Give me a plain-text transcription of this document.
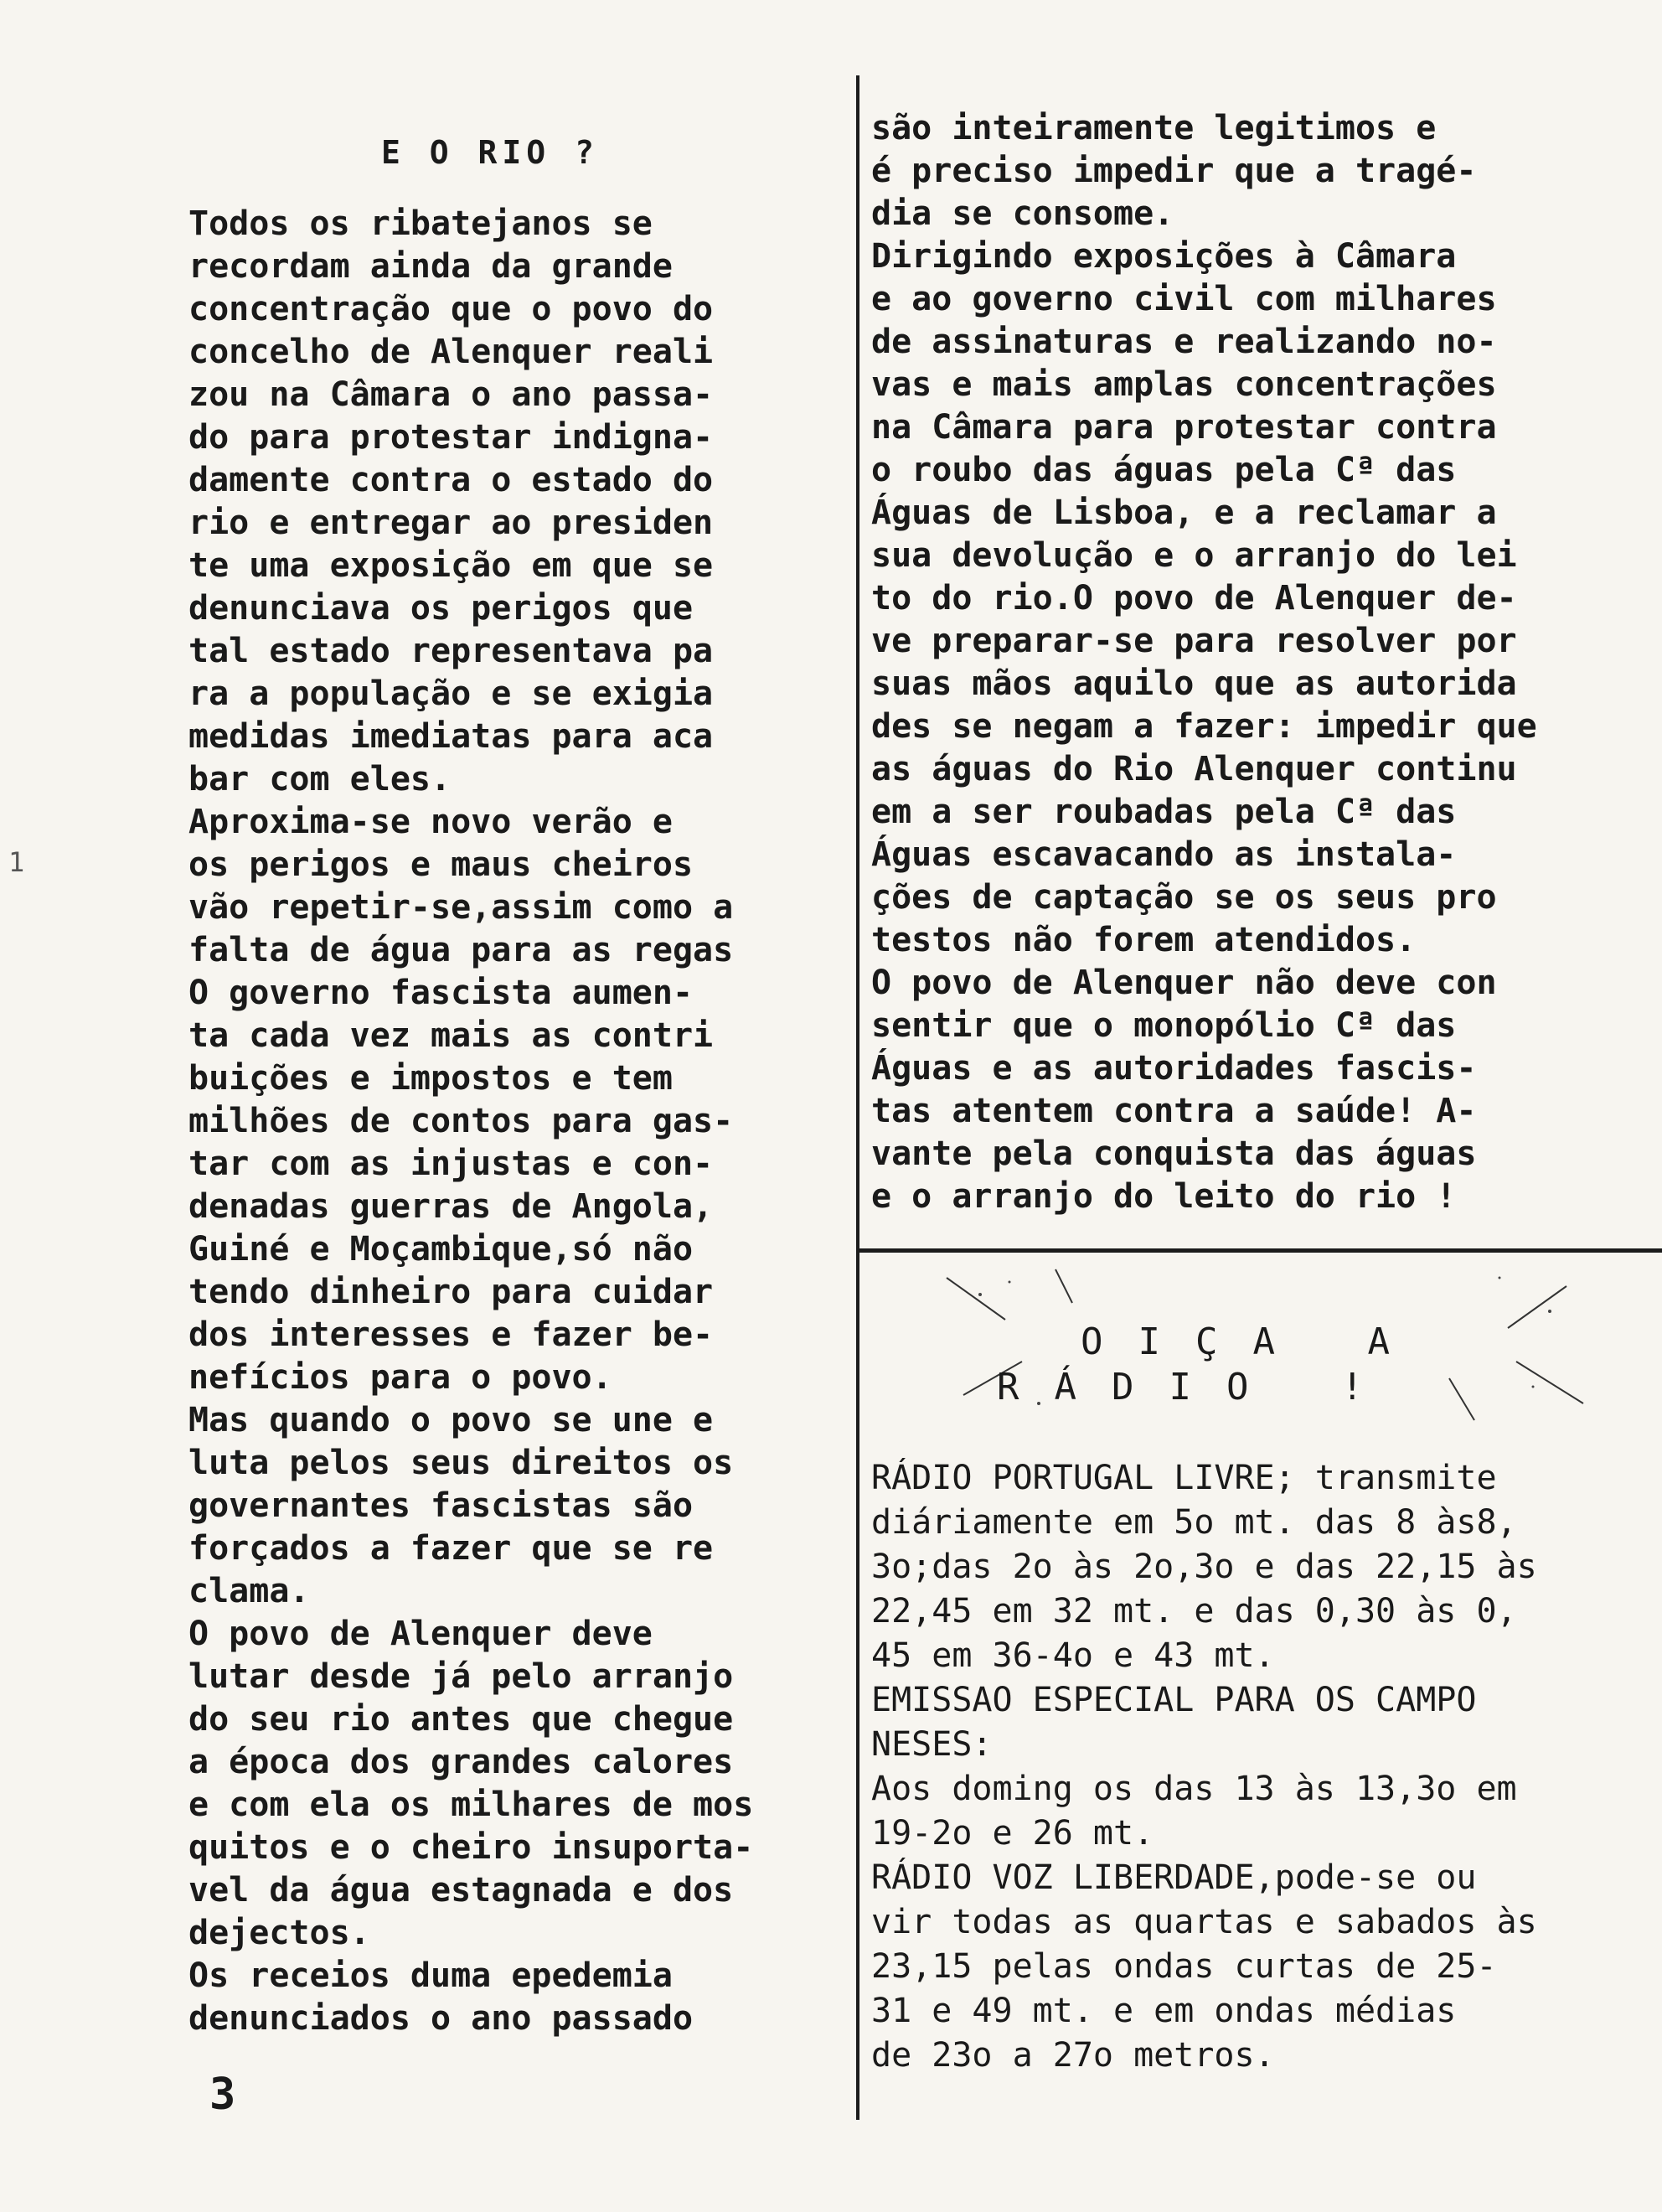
1
E O RIO ?

Todos os ribatejanos se
recordam ainda da grande
concentração que o povo do
concelho de Alenquer reali
zou na Câmara o ano passa-
do para protestar indigna-
damente contra o estado do
rio e entregar ao presiden
te uma exposição em que se
denunciava os perigos que
tal estado representava pa
ra a população e se exigia
medidas imediatas para aca
bar com eles.

Aproxima-se novo verão e
os perigos e maus cheiros
vão repetir-se,assim como a
falta de água para as regas

O governo fascista aumen-
ta cada vez mais as contri
buições e impostos e tem
milhões de contos para gas-
tar com as injustas e con-
denadas guerras de Angola,
Guiné e Moçambique,só não
tendo dinheiro para cuidar
dos interesses e fazer be-
nefícios para o povo.

Mas quando o povo se une e
luta pelos seus direitos os
governantes fascistas são
forçados a fazer que se re
clama.

O povo de Alenquer deve
lutar desde já pelo arranjo
do seu rio antes que chegue
a época dos grandes calores
e com ela os milhares de mos
quitos e o cheiro insuporta-
vel da água estagnada e dos
dejectos.

Os receios duma epedemia
denunciados o ano passado

são inteiramente legitimos e
é preciso impedir que a tragé-
dia se consome.

Dirigindo exposições à Câmara
e ao governo civil com milhares
de assinaturas e realizando no-
vas e mais amplas concentrações
na Câmara para protestar contra
o roubo das águas pela Cª das
Águas de Lisboa, e a reclamar a
sua devolução e o arranjo do lei
to do rio.O povo de Alenquer de-
ve preparar-se para resolver por
suas mãos aquilo que as autorida
des se negam a fazer: impedir que
as águas do Rio Alenquer continu
em a ser roubadas pela Cª das
Águas escavacando as instala-
ções de captação se os seus pro
testos não forem atendidos.

O povo de Alenquer não deve con
sentir que o monopólio Cª das
Águas e as autoridades fascis-
tas atentem contra a saúde! A-
vante pela conquista das águas
e o arranjo do leito do rio !

OIÇA A
RÁDIO !

RÁDIO PORTUGAL LIVRE; transmite
diáriamente em 5o mt. das 8 às8,
3o;das 2o às 2o,3o e das 22,15 às
22,45 em 32 mt. e das 0,30 às 0,
45 em 36-4o e 43 mt.

EMISSAO ESPECIAL PARA OS CAMPO
NESES:

Aos doming os das 13 às 13,3o em
19-2o e 26 mt.

RÁDIO VOZ LIBERDADE,pode-se ou
vir todas as quartas e sabados às
23,15 pelas ondas curtas de 25-
31 e 49 mt. e em ondas médias
de 23o a 27o metros.

3
